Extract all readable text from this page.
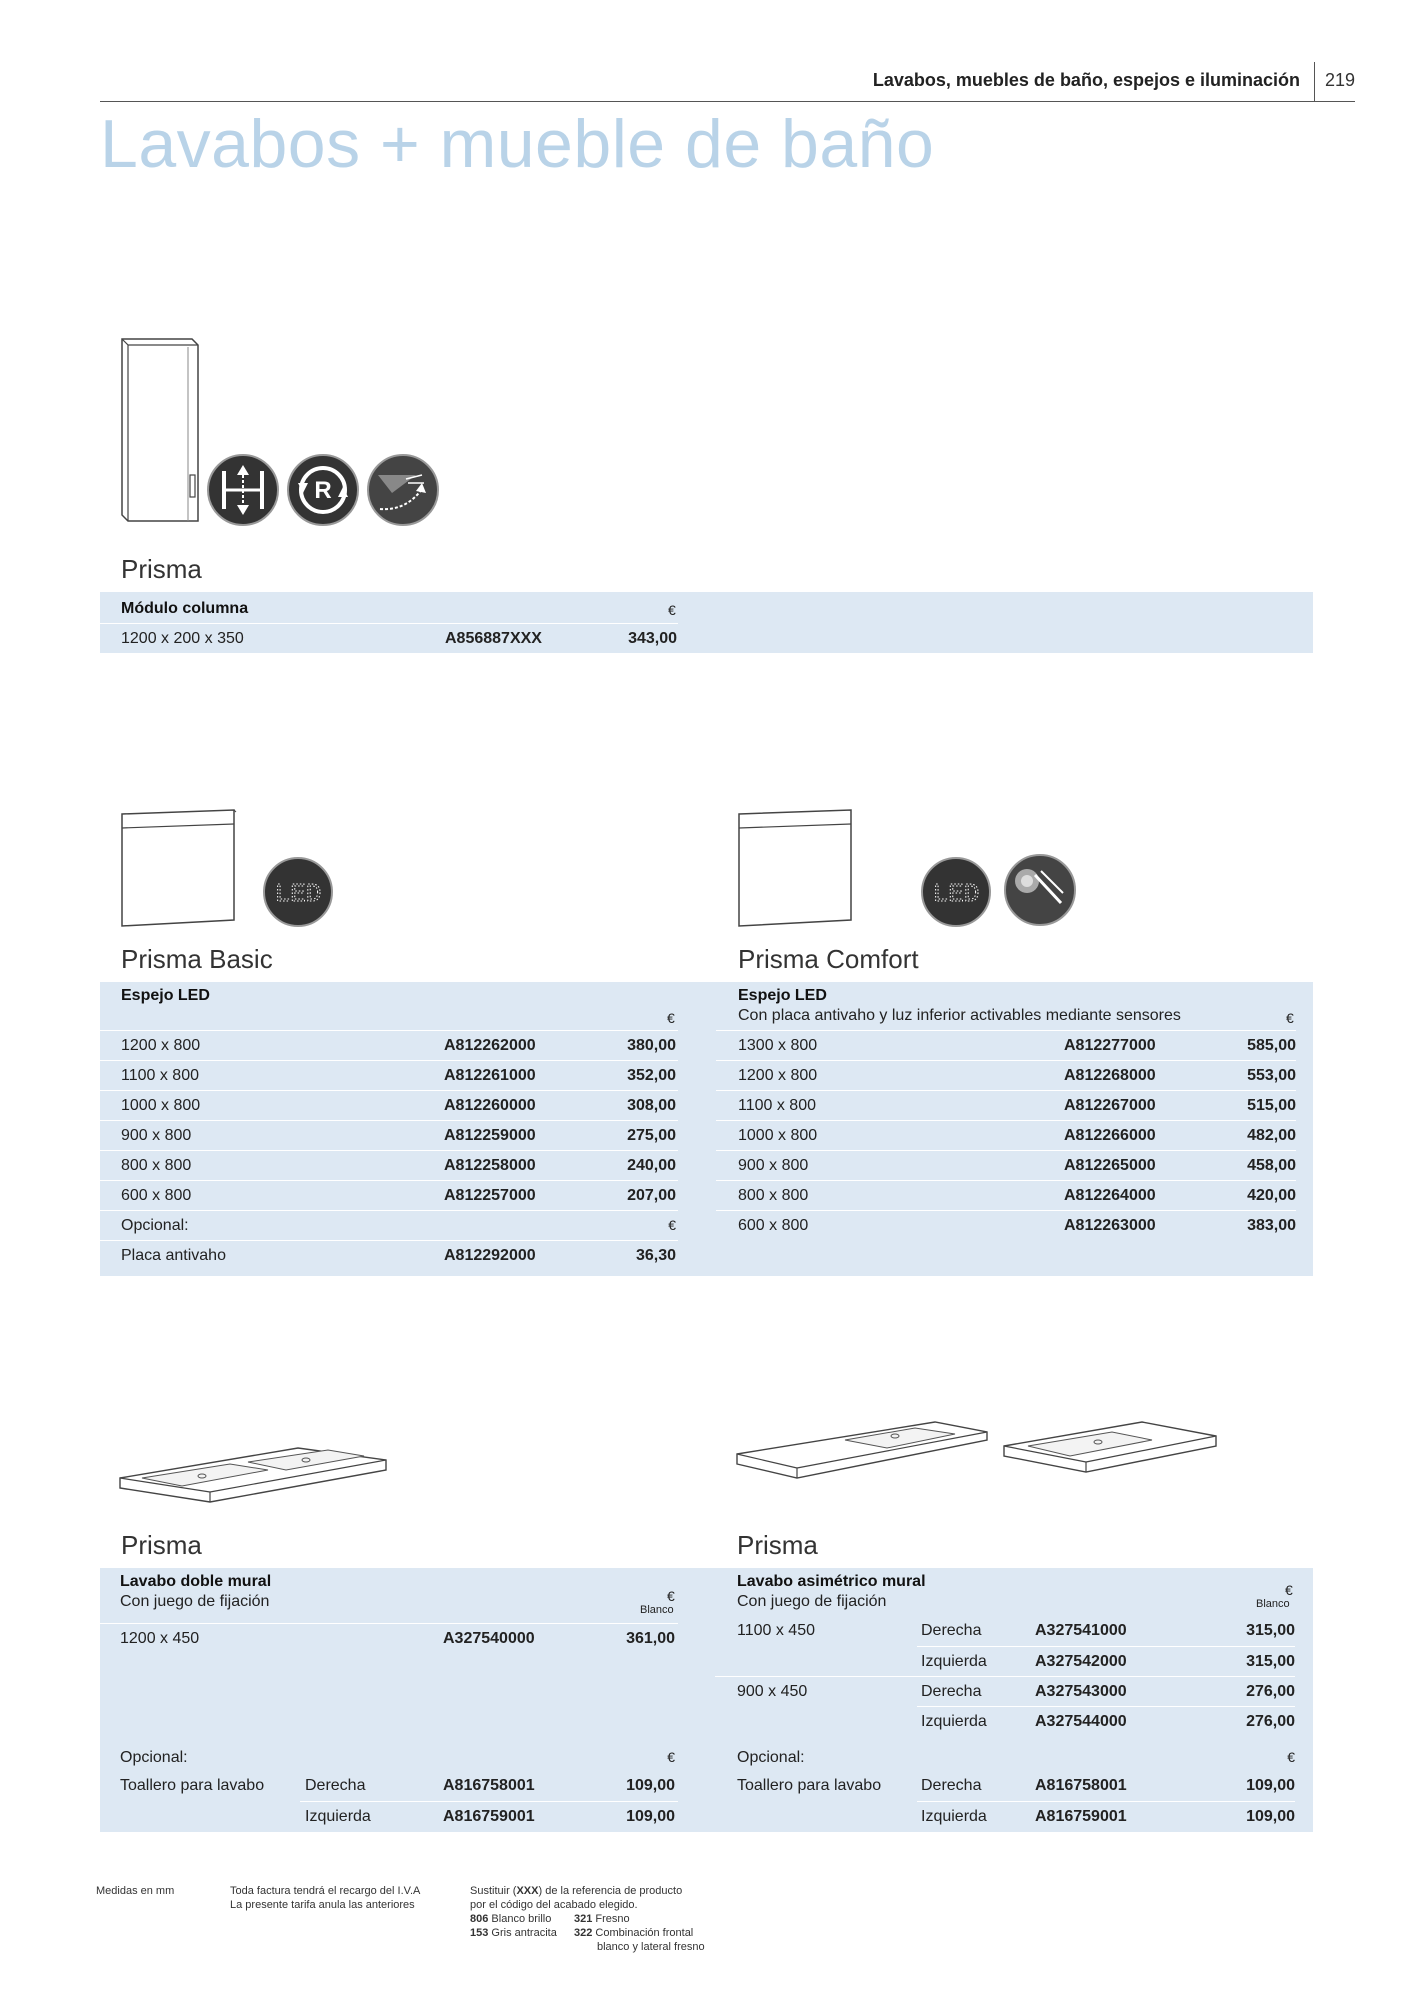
Lavabos, muebles de baño, espejos e iluminación 219
Lavabos + mueble de baño
R
Prisma
Módulo columna	€
1200 x 200 x 350	A856887XXX	343,00
LED
Prisma Basic
LED
Prisma Comfort
Espejo LED
€
1200 x 800	A812262000	380,00
1100 x 800	A812261000	352,00
1000 x 800	A812260000	308,00
900 x 800	A812259000	275,00
800 x 800	A812258000	240,00
600 x 800	A812257000	207,00
Opcional:	€
Placa antivaho	A812292000	36,30
Espejo LED
Con placa antivaho y luz inferior activables mediante sensores	€
1300 x 800	A812277000	585,00
1200 x 800	A812268000	553,00
1100 x 800	A812267000	515,00
1000 x 800	A812266000	482,00
900 x 800	A812265000	458,00
800 x 800	A812264000	420,00
600 x 800	A812263000	383,00
Prisma	Prisma
Lavabo doble mural
Con juego de fijación	€
Blanco
1200 x 450	A327540000	361,00
Opcional:	€
Toallero para lavabo	Derecha	A816758001	109,00
Izquierda	A816759001	109,00
Lavabo asimétrico mural
Con juego de fijación
€
Blanco
1100 x 450	Derecha	A327541000	315,00
Izquierda	A327542000	315,00
900 x 450	Derecha	A327543000	276,00
Izquierda	A327544000	276,00
Opcional:	€
Toallero para lavabo Derecha	A816758001	109,00
Izquierda	A816759001	109,00
Medidas en mm	Toda factura tendrá el recargo del I.V.A
La presente tarifa anula las anteriores
Sustituir (XXX) de la referencia de producto
por el código del acabado elegido.
806 Blanco brillo
153 Gris antracita
321 Fresno
322 Combinación frontal
blanco y lateral fresno
